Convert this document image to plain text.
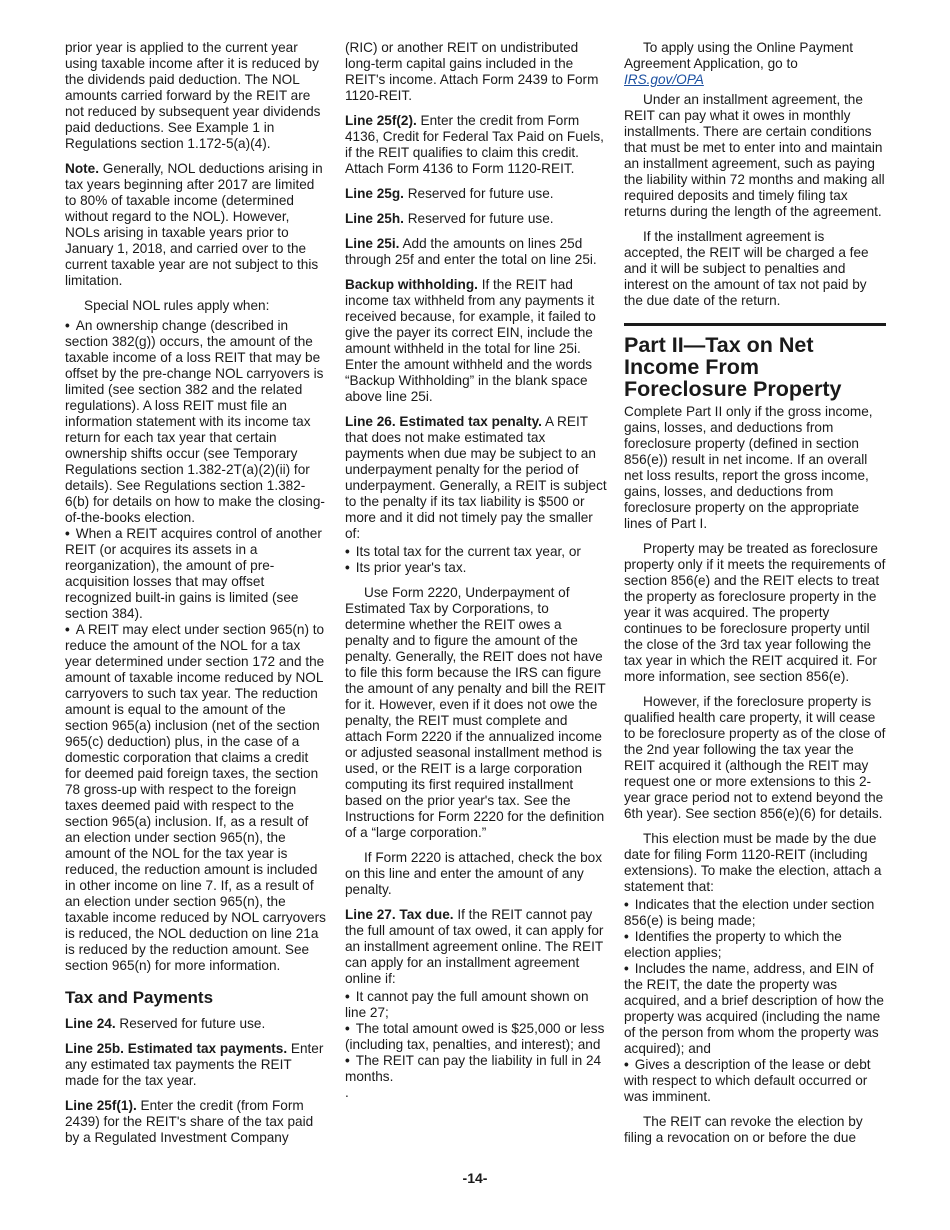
prior year is applied to the current year using taxable income after it is reduced by the dividends paid deduction. The NOL amounts carried forward by the REIT are not reduced by subsequent year dividends paid deductions. See Example 1 in Regulations section 1.172-5(a)(4).

Note. Generally, NOL deductions arising in tax years beginning after 2017 are limited to 80% of taxable income (determined without regard to the NOL). However, NOLs arising in taxable years prior to January 1, 2018, and carried over to the current taxable year are not subject to this limitation.

Special NOL rules apply when:

• An ownership change (described in section 382(g)) occurs, the amount of the taxable income of a loss REIT that may be offset by the pre-change NOL carryovers is limited (see section 382 and the related regulations). A loss REIT must file an information statement with its income tax return for each tax year that certain ownership shifts occur (see Temporary Regulations section 1.382-2T(a)(2)(ii) for details). See Regulations section 1.382-6(b) for details on how to make the closing-of-the-books election.

• When a REIT acquires control of another REIT (or acquires its assets in a reorganization), the amount of pre-acquisition losses that may offset recognized built-in gains is limited (see section 384).

• A REIT may elect under section 965(n) to reduce the amount of the NOL for a tax year determined under section 172 and the amount of taxable income reduced by NOL carryovers to such tax year. The reduction amount is equal to the amount of the section 965(a) inclusion (net of the section 965(c) deduction) plus, in the case of a domestic corporation that claims a credit for deemed paid foreign taxes, the section 78 gross-up with respect to the foreign taxes deemed paid with respect to the section 965(a) inclusion. If, as a result of an election under section 965(n), the amount of the NOL for the tax year is reduced, the reduction amount is included in other income on line 7. If, as a result of an election under section 965(n), the taxable income reduced by NOL carryovers is reduced, the NOL deduction on line 21a is reduced by the reduction amount. See section 965(n) for more information.

Tax and Payments

Line 24. Reserved for future use.

Line 25b. Estimated tax payments. Enter any estimated tax payments the REIT made for the tax year.

Line 25f(1). Enter the credit (from Form 2439) for the REIT's share of the tax paid by a Regulated Investment Company

(RIC) or another REIT on undistributed long-term capital gains included in the REIT's income. Attach Form 2439 to Form 1120-REIT.

Line 25f(2). Enter the credit from Form 4136, Credit for Federal Tax Paid on Fuels, if the REIT qualifies to claim this credit. Attach Form 4136 to Form 1120-REIT.

Line 25g. Reserved for future use.

Line 25h. Reserved for future use.

Line 25i. Add the amounts on lines 25d through 25f and enter the total on line 25i.

Backup withholding. If the REIT had income tax withheld from any payments it received because, for example, it failed to give the payer its correct EIN, include the amount withheld in the total for line 25i. Enter the amount withheld and the words “Backup Withholding” in the blank space above line 25i.

Line 26. Estimated tax penalty. A REIT that does not make estimated tax payments when due may be subject to an underpayment penalty for the period of underpayment. Generally, a REIT is subject to the penalty if its tax liability is $500 or more and it did not timely pay the smaller of:

• Its total tax for the current tax year, or

• Its prior year's tax.

Use Form 2220, Underpayment of Estimated Tax by Corporations, to determine whether the REIT owes a penalty and to figure the amount of the penalty. Generally, the REIT does not have to file this form because the IRS can figure the amount of any penalty and bill the REIT for it. However, even if it does not owe the penalty, the REIT must complete and attach Form 2220 if the annualized income or adjusted seasonal installment method is used, or the REIT is a large corporation computing its first required installment based on the prior year's tax. See the Instructions for Form 2220 for the definition of a “large corporation.”

If Form 2220 is attached, check the box on this line and enter the amount of any penalty.

Line 27. Tax due. If the REIT cannot pay the full amount of tax owed, it can apply for an installment agreement online. The REIT can apply for an installment agreement online if:

• It cannot pay the full amount shown on line 27;

• The total amount owed is $25,000 or less (including tax, penalties, and interest); and

• The REIT can pay the liability in full in 24 months.

.

To apply using the Online Payment Agreement Application, go to
IRS.gov/OPA

Under an installment agreement, the REIT can pay what it owes in monthly installments. There are certain conditions that must be met to enter into and maintain an installment agreement, such as paying the liability within 72 months and making all required deposits and timely filing tax returns during the length of the agreement.

If the installment agreement is accepted, the REIT will be charged a fee and it will be subject to penalties and interest on the amount of tax not paid by the due date of the return.

Part II—Tax on Net Income From Foreclosure Property

Complete Part II only if the gross income, gains, losses, and deductions from foreclosure property (defined in section 856(e)) result in net income. If an overall net loss results, report the gross income, gains, losses, and deductions from foreclosure property on the appropriate lines of Part I.

Property may be treated as foreclosure property only if it meets the requirements of section 856(e) and the REIT elects to treat the property as foreclosure property in the year it was acquired. The property continues to be foreclosure property until the close of the 3rd tax year following the tax year in which the REIT acquired it. For more information, see section 856(e).

However, if the foreclosure property is qualified health care property, it will cease to be foreclosure property as of the close of the 2nd year following the tax year the REIT acquired it (although the REIT may request one or more extensions to this 2-year grace period not to extend beyond the 6th year). See section 856(e)(6) for details.

This election must be made by the due date for filing Form 1120-REIT (including extensions). To make the election, attach a statement that:

• Indicates that the election under section 856(e) is being made;

• Identifies the property to which the election applies;

• Includes the name, address, and EIN of the REIT, the date the property was acquired, and a brief description of how the property was acquired (including the name of the person from whom the property was acquired); and

• Gives a description of the lease or debt with respect to which default occurred or was imminent.

The REIT can revoke the election by filing a revocation on or before the due

-14-
